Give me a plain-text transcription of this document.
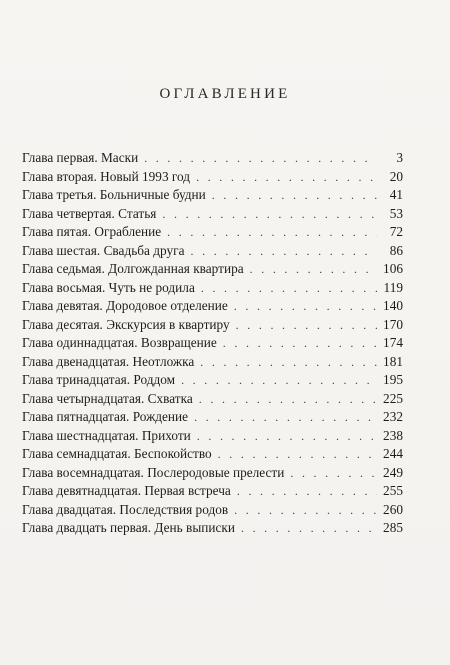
ОГЛАВЛЕНИЕ
Глава первая. Маски . . .	3
Глава вторая. Новый 1993 год . . .	20
Глава третья. Больничные будни . . .	41
Глава четвертая. Статья . . .	53
Глава пятая. Ограбление . . .	72
Глава шестая. Свадьба друга . . .	86
Глава седьмая. Долгожданная квартира . . .	106
Глава восьмая. Чуть не родила . . .	119
Глава девятая. Дородовое отделение . . .	140
Глава десятая. Экскурсия в квартиру . . .	170
Глава одиннадцатая. Возвращение . . .	174
Глава двенадцатая. Неотложка . . .	181
Глава тринадцатая. Роддом . . .	195
Глава четырнадцатая. Схватка . . .	225
Глава пятнадцатая. Рождение . . .	232
Глава шестнадцатая. Прихоти . . .	238
Глава семнадцатая. Беспокойство . . .	244
Глава восемнадцатая. Послеродовые прелести . . .	249
Глава девятнадцатая. Первая встреча . . .	255
Глава двадцатая. Последствия родов . . .	260
Глава двадцать первая. День выписки . . .	285
